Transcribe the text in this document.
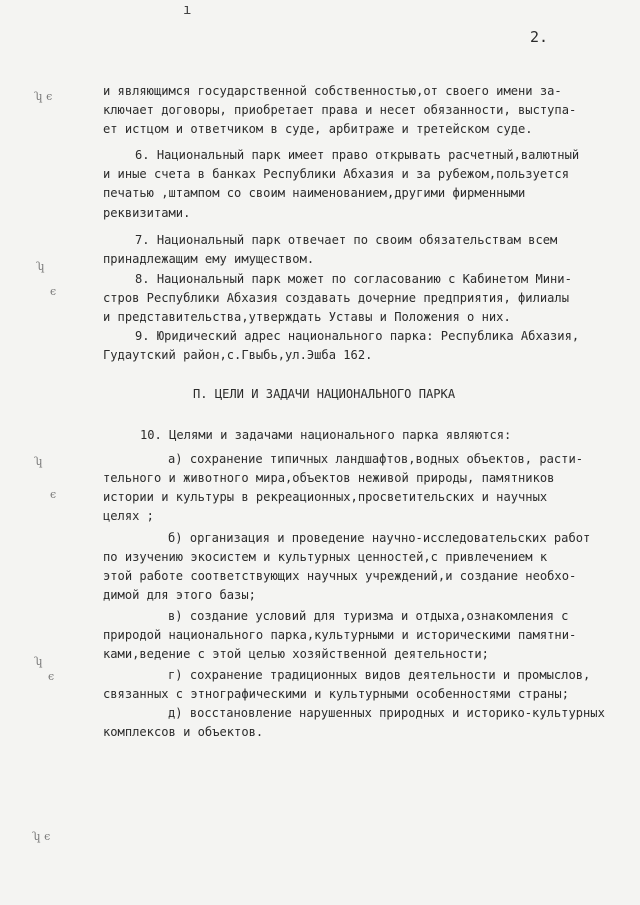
ı
2.
ʮ ϵ
ʮ
ϵ
ʮ
ϵ
ʮ
ϵ
ʮ ϵ
и являющимся государственной собственностью,от своего имени за-
ключает договоры, приобретает права и несет обязанности, выступа-
ет истцом и ответчиком в суде, арбитраже и третейском суде.
6. Национальный парк имеет право открывать расчетный,валютный
и иные счета в банках Республики Абхазия и за рубежом,пользуется
печатью ,штампом со своим наименованием,другими фирменными
реквизитами.
7. Национальный парк отвечает по своим обязательствам всем
принадлежащим ему имуществом.
8. Национальный парк может по согласованию с Кабинетом Мини-
стров Республики Абхазия создавать дочерние предприятия, филиалы
и представительства,утверждать Уставы и Положения о них.
9. Юридический адрес национального парка: Республика Абхазия,
Гудаутский район,с.Гвыбь,ул.Эшба 162.
П. ЦЕЛИ И ЗАДАЧИ НАЦИОНАЛЬНОГО ПАРКА
10. Целями и задачами национального парка являются:
а) сохранение типичных ландшафтов,водных объектов, расти-
тельного и животного мира,объектов неживой природы, памятников
истории и культуры в рекреационных,просветительских и научных
целях ;
б) организация и проведение научно-исследовательских работ
по изучению экосистем и культурных ценностей,с привлечением к
этой работе соответствующих научных учреждений,и создание необхо-
димой для этого базы;
в) создание условий для туризма и отдыха,ознакомления с
природой национального парка,культурными и историческими памятни-
ками,ведение с этой целью хозяйственной деятельности;
г) сохранение традиционных видов деятельности и промыслов,
связанных с этнографическими и культурными особенностями страны;
д) восстановление нарушенных природных и историко-культурных
комплексов и объектов.
